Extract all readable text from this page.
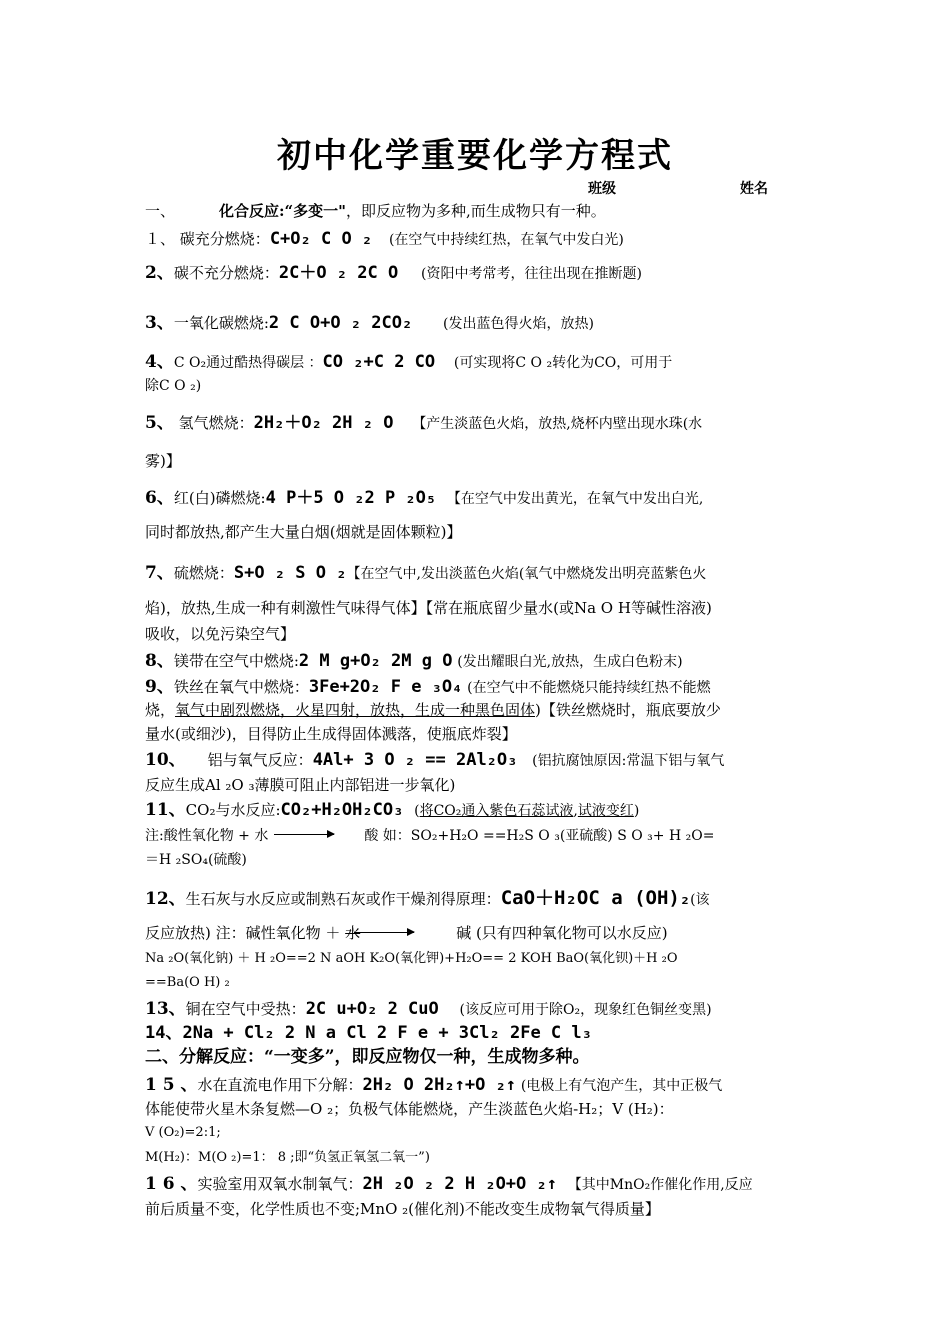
初中化学重要化学方程式
班级	姓名
一、	化合反应:“多变一"，即反应物为多种,而生成物只有一种。
１、 碳充分燃烧：C+O₂ C O ₂ (在空气中持续红热，在氧气中发白光)
2、碳不充分燃烧：2C＋O ₂ 2C O (资阳中考常考，往往出现在推断题)
3、一氧化碳燃烧:2 C O+O ₂ 2CO₂ (发出蓝色得火焰，放热)
4、C O₂通过酷热得碳层 ：CO ₂+C 2 CO (可实现将C O ₂转化为CO，可用于
除C O ₂)
5、 氢气燃烧：2H₂＋O₂ 2H ₂ O 【产生淡蓝色火焰，放热,烧杯内壁出现水珠(水
雾)】
6、红(白)磷燃烧:4 P＋5 O ₂2 P ₂O₅ 【在空气中发出黄光，在氧气中发出白光,
同时都放热,都产生大量白烟(烟就是固体颗粒)】
7、硫燃烧：S+O ₂ S O ₂【在空气中,发出淡蓝色火焰(氧气中燃烧发出明亮蓝紫色火
焰)，放热,生成一种有刺激性气味得气体】【常在瓶底留少量水(或Na O H等碱性溶液)
吸收，以免污染空气】
8、镁带在空气中燃烧:2 M g+O₂ 2M g O (发出耀眼白光,放热，生成白色粉末)
9、铁丝在氧气中燃烧：3Fe+2O₂ F e ₃O₄ (在空气中不能燃烧只能持续红热不能燃
烧，氧气中剧烈燃烧，火星四射，放热，生成一种黑色固体)【铁丝燃烧时，瓶底要放少
量水(或细沙)，目得防止生成得固体溅落，使瓶底炸裂】
10、 铝与氧气反应：4Al+ 3 O ₂ == 2Al₂O₃ (铝抗腐蚀原因:常温下铝与氧气
反应生成Al ₂O ₃薄膜可阻止内部铝进一步氧化)
11、CO₂与水反应:CO₂+H₂OH₂CO₃ (将CO₂通入紫色石蕊试液,试液变红)
注:酸性氧化物 + 水	酸 如：SO₂+H₂O ==H₂S O ₃(亚硫酸) S O ₃+ H ₂O=
＝H ₂SO₄(硫酸)
12、生石灰与水反应或制熟石灰或作干燥剂得原理：CaO＋H₂OC a (OH)₂(该
反应放热) 注：碱性氧化物 ＋ 水	碱 (只有四种氧化物可以水反应)
Na ₂O(氧化钠) ＋ H ₂O==2 N aOH K₂O(氧化钾)+H₂O== 2 KOH BaO(氧化钡)＋H ₂O
==Ba(O H) ₂
13、铜在空气中受热：2C u+O₂ 2 CuO (该反应可用于除O₂，现象红色铜丝变黑)
14、2Na + Cl₂ 2 N a Cl 2 F e + 3Cl₂ 2Fe C l₃
二、分解反应：“一变多”，即反应物仅一种，生成物多种。
1 5 、水在直流电作用下分解：2H₂ O 2H₂↑+O ₂↑ (电极上有气泡产生，其中正极气
体能使带火星木条复燃—O ₂；负极气体能燃烧，产生淡蓝色火焰-H₂；V (H₂)：
V (O₂)=2:1;
M(H₂)：M(O ₂)=1： 8 ;即“负氢正氧氢二氧一”)
1 6 、实验室用双氧水制氧气：2H ₂O ₂ 2 H ₂O+O ₂↑ 【其中MnO₂作催化作用,反应
前后质量不变，化学性质也不变;MnO ₂(催化剂)不能改变生成物氧气得质量】
